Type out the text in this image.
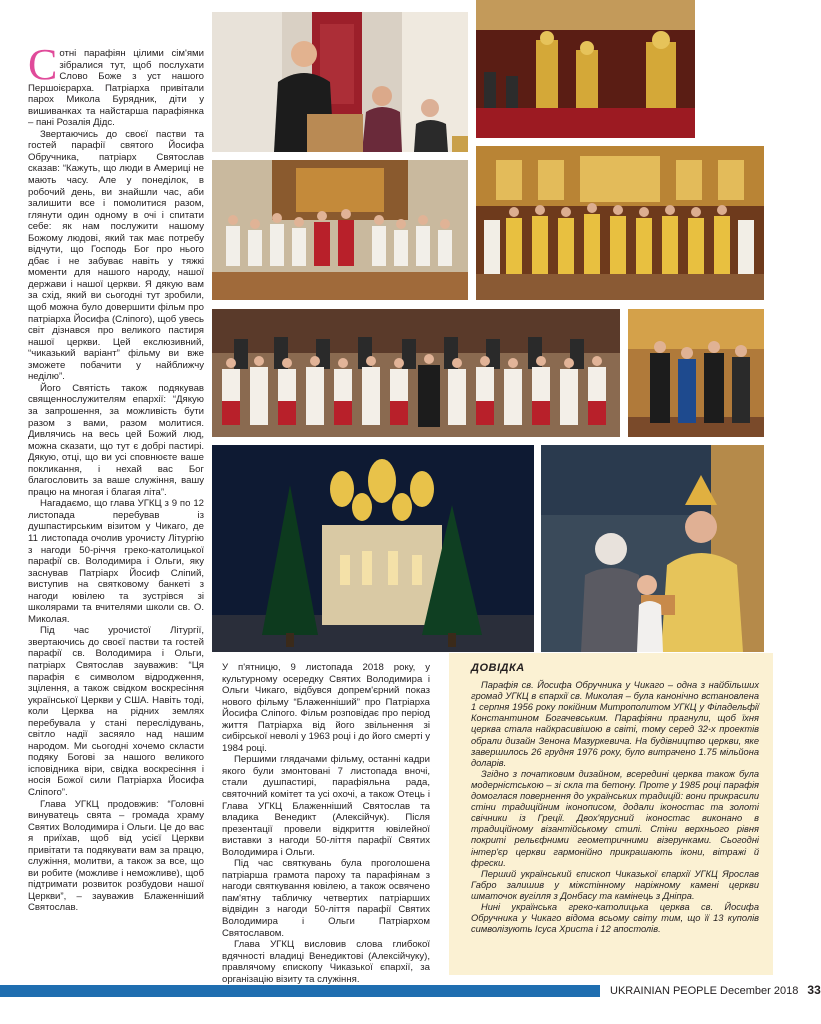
С отні парафіян цілими сім'ями зібралися тут, щоб послухати Слово Боже з уст нашого Першоієрарха. Патріарха привітали парох Микола Бурядник, діти у вишиванках та найстарша парафіянка – пані Розалія Дідс.

Звертаючись до своєї пастви та гостей парафії святого Йосифа Обручника, патріарх Святослав сказав: “Кажуть, що люди в Америці не мають часу. Але у понеділок, в робочий день, ви знайшли час, аби залишити все і помолитися разом, глянути один одному в очі і спитати себе: як нам послужити нашому Божому людові, який так має потребу відчути, що Господь Бог про нього дбає і не забуває навіть у тяжкі моменти для нашого народу, нашої держави і нашої церкви. Я дякую вам за схід, який ви сьогодні тут зробили, щоб можна було довершити фільм про патріарха Йосифа (Сліпого), щоб увесь світ дізнався про великого пастиря нашої церкви. Цей екслюзивний, “чиказький варіант” фільму ви вже зможете побачити у найближчу неділю”.

Його Святість також подякував священнослужителям епархії: “Дякую за запрошення, за можливість бути разом з вами, разом молитися. Дивлячись на весь цей Божий люд, можна сказати, що тут є добрі пастирі. Дякую, отці, що ви усі сповнюєте ваше покликання, і нехай вас Бог благословить за ваше служіння, вашу працю на многая і благая літа”.

Нагадаємо, що глава УГКЦ з 9 по 12 листопада перебував із душпастирським візитом у Чикаго, де 11 листопада очолив урочисту Літургію з нагоди 50-річчя греко-католицької парафії св. Володимира і Ольги, яку заснував Патріарх Йосиф Сліпий, виступив на святковому банкеті з нагоди ювілею та зустрівся зі школярами та вчителями школи св. О. Миколая.

Під час урочистої Літургії, звертаючись до своєї пастви та гостей парафії св. Володимира і Ольги, патріарх Святослав зауважив: “Ця парафія є символом відродження, зцілення, а також свідком воскресіння української Церкви у США. Навіть тоді, коли Церква на рідних землях перебувала у стані переслідувань, світло надії засяяло над нашим народом. Ми сьогодні хочемо скласти подяку Богові за нашого великого ісповідника віри, свідка воскресіння і носія Божої сили Патріарха Йосифа Сліпого”.

Глава УГКЦ продовжив: “Головні винуватець свята – громада храму Святих Володимира і Ольги. Це до вас я приїхав, щоб від усієї Церкви привітати та подякувати вам за працю, служіння, молитви, а також за все, що ви робите (можливе і неможливе), щоб підтримати розвиток розбудови нашої Церкви”, – зауважив Блаженніший Святослав.

У п'ятницю, 9 листопада 2018 року, у культурному осередку Святих Володимира і Ольги Чикаго, відбувся допрем'єрний показ нового фільму “Блаженніший” про Патріарха Йосифа Сліпого. Фільм розповідає про період життя Патріарха від його звільнення зі сибірської неволі у 1963 році і до його смерті у 1984 році.

Першими глядачами фільму, останні кадри якого були змонтовані 7 листопада вночі, стали душпастирі, парафіяльна рада, святочний комітет та усі охочі, а також Отець і Глава УГКЦ Блаженніший Святослав та владика Венедикт (Алексійчук). Після презентації провели відкриття ювілейної виставки з нагоди 50-ліття парафії Святих Володимира і Ольги.

Під час святкувань була проголошена патріарша грамота пароху та парафіянам з нагоди святкування ювілею, а також освячено пам'ятну табличку четвертих патріарших відвідин з нагоди 50-ліття парафії Святих Володимира і Ольги Патріархом Святославом.

Глава УГКЦ висловив слова глибокої вдячності владиці Венедиктові (Алексійчуку), правлячому єпископу Чиказької єпархії, за організацію візиту та служіння.

ДОВІДКА

Парафія св. Йосифа Обручника у Чикаго – одна з найбільших громад УГКЦ в єпархії св. Миколая – була канонічно встановлена 1 серпня 1956 року покійним Митрополитом УГКЦ у Філадельфії Константином Богачевським. Парафіяни прагнули, щоб їхня церква стала найкрасивішою в світі, тому серед 32-х проектів обрали дизайн Зенона Мазуркевича. На будівництво церкви, яке завершилось 26 грудня 1976 року, було витрачено 1.75 мільйона доларів.

Згідно з початковим дизайном, всередині церква також була модерністською – зі скла та бетону. Проте у 1985 році парафія домоглася повернення до українських традицій: вони прикрасили стіни традиційним іконописом, додали іконостас та золоті свічники із Греції. Двох'ярусний іконостас виконано в традиційному візантійському стилі. Стіни верхнього рівня покриті рельєфними геометричними візерунками. Сьогодні інтер'єр церкви гармонійно прикрашають ікони, вітражі й фрески.

Перший український єпископ Чиказької єпархії УГКЦ Ярослав Габро залишив у міжстінному наріжному камені церкви шматочок вугілля з Донбасу та камінець з Дніпра.

Нині українська греко-католицька церква св. Йосифа Обручника у Чикаго відома всьому світу тим, що її 13 куполів символізують Ісуса Христа і 12 апостолів.

UKRAINIAN PEOPLE December 2018 33
